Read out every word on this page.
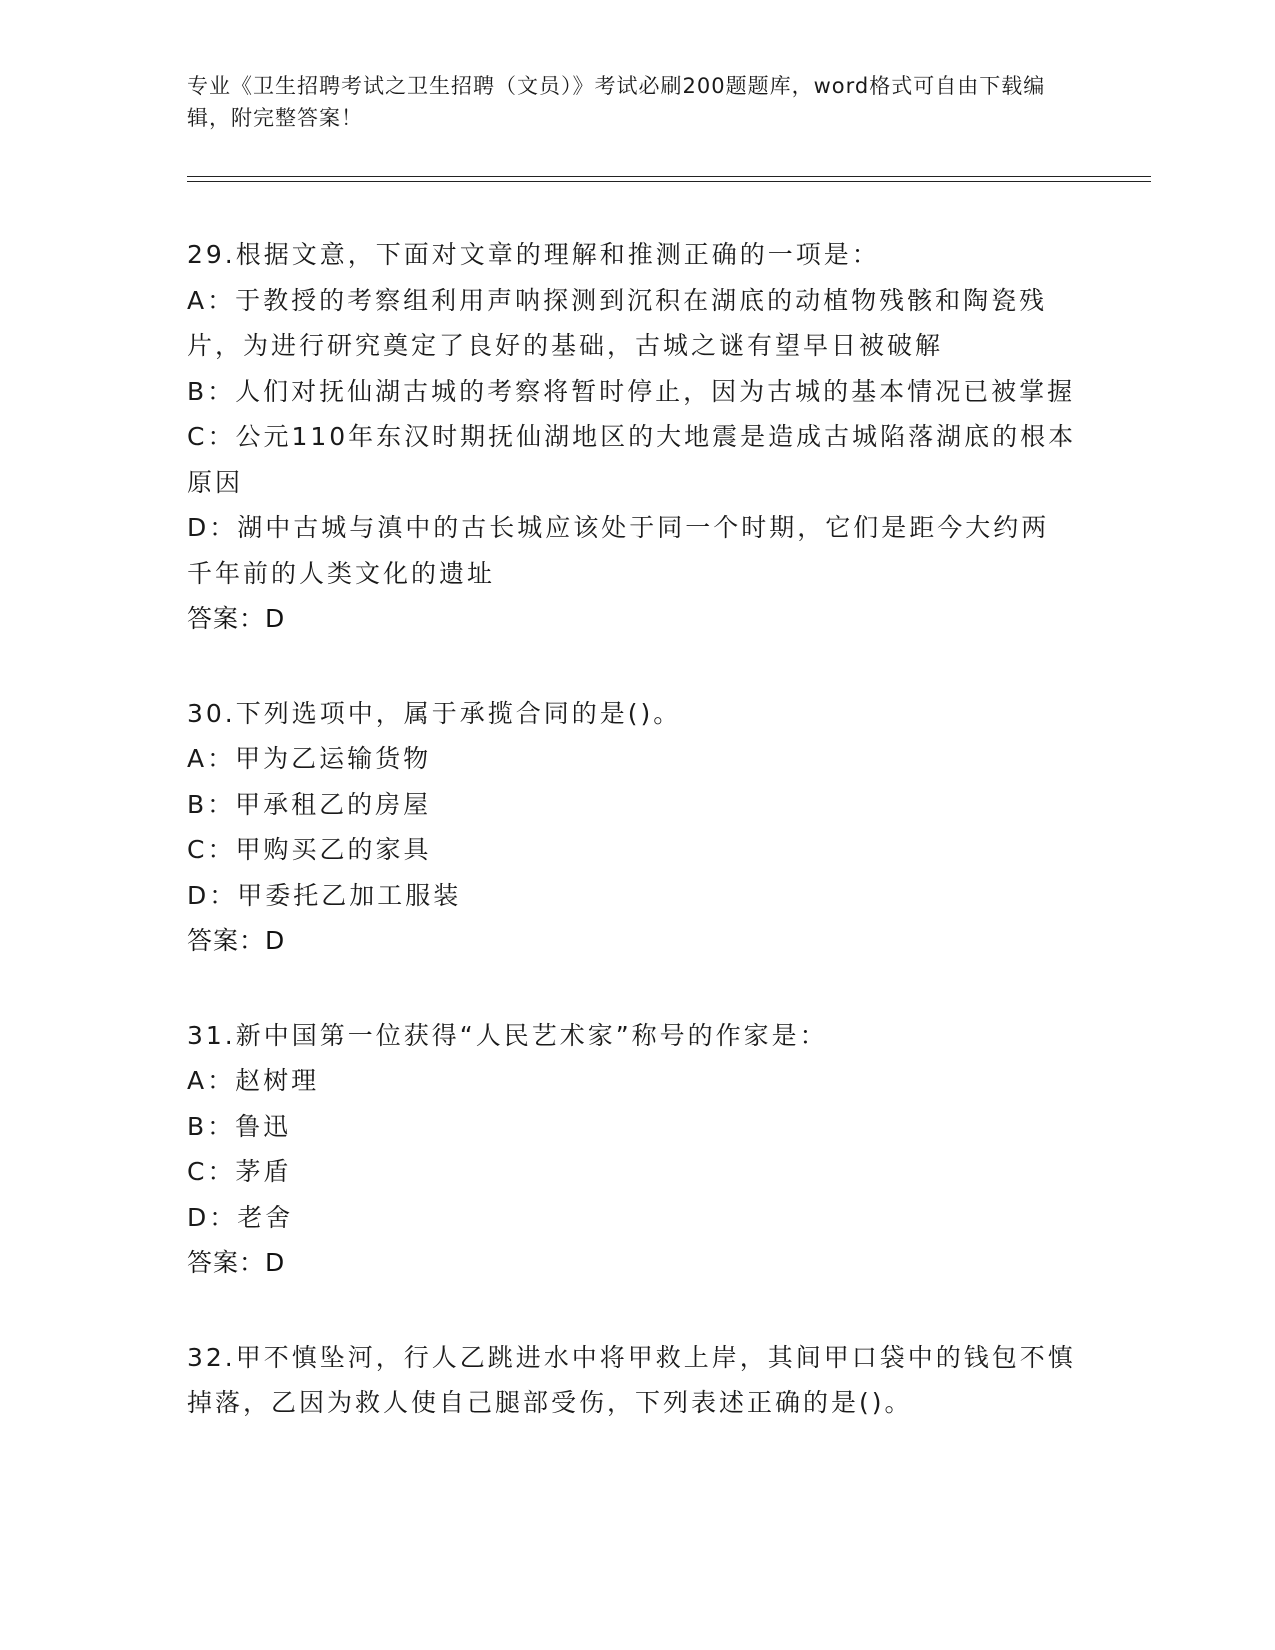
专业《卫生招聘考试之卫生招聘（文员）》考试必刷200题题库，word格式可自由下载编辑，附完整答案！
29.根据文意，下面对文章的理解和推测正确的一项是：
A：于教授的考察组利用声呐探测到沉积在湖底的动植物残骸和陶瓷残片，为进行研究奠定了良好的基础，古城之谜有望早日被破解
B：人们对抚仙湖古城的考察将暂时停止，因为古城的基本情况已被掌握
C：公元110年东汉时期抚仙湖地区的大地震是造成古城陷落湖底的根本原因
D：湖中古城与滇中的古长城应该处于同一个时期，它们是距今大约两千年前的人类文化的遗址
答案：D
30.下列选项中，属于承揽合同的是()。
A：甲为乙运输货物
B：甲承租乙的房屋
C：甲购买乙的家具
D：甲委托乙加工服装
答案：D
31.新中国第一位获得“人民艺术家”称号的作家是：
A：赵树理
B：鲁迅
C：茅盾
D：老舍
答案：D
32.甲不慎坠河，行人乙跳进水中将甲救上岸，其间甲口袋中的钱包不慎掉落，乙因为救人使自己腿部受伤，下列表述正确的是()。
